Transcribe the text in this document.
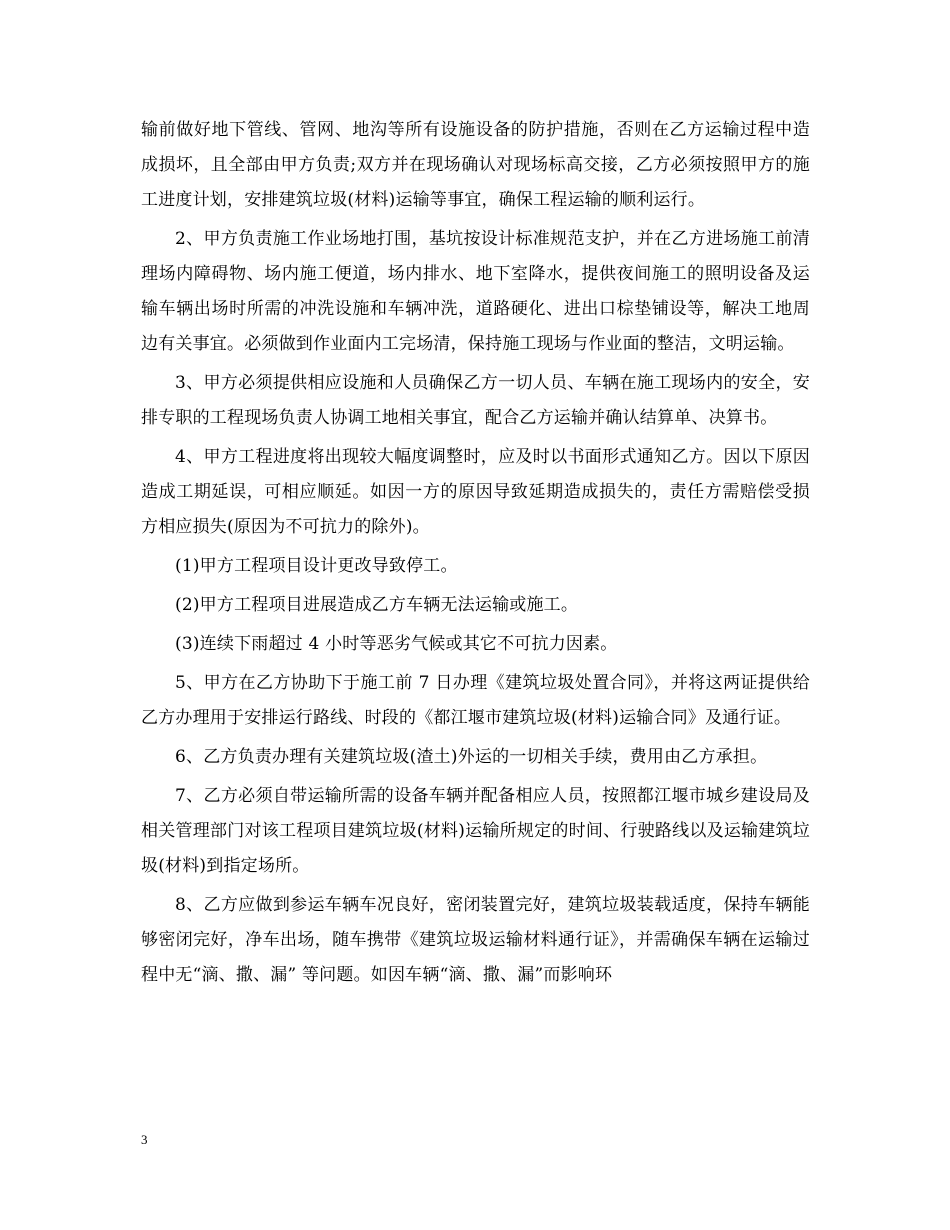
输前做好地下管线、管网、地沟等所有设施设备的防护措施，否则在乙方运输过程中造成损坏，且全部由甲方负责;双方并在现场确认对现场标高交接，乙方必须按照甲方的施工进度计划，安排建筑垃圾(材料)运输等事宜，确保工程运输的顺利运行。

2、甲方负责施工作业场地打围，基坑按设计标准规范支护，并在乙方进场施工前清理场内障碍物、场内施工便道，场内排水、地下室降水，提供夜间施工的照明设备及运输车辆出场时所需的冲洗设施和车辆冲洗，道路硬化、进出口棕垫铺设等，解决工地周边有关事宜。必须做到作业面内工完场清，保持施工现场与作业面的整洁，文明运输。

3、甲方必须提供相应设施和人员确保乙方一切人员、车辆在施工现场内的安全，安排专职的工程现场负责人协调工地相关事宜，配合乙方运输并确认结算单、决算书。

4、甲方工程进度将出现较大幅度调整时，应及时以书面形式通知乙方。因以下原因造成工期延误，可相应顺延。如因一方的原因导致延期造成损失的，责任方需赔偿受损方相应损失(原因为不可抗力的除外)。

(1)甲方工程项目设计更改导致停工。

(2)甲方工程项目进展造成乙方车辆无法运输或施工。

(3)连续下雨超过 4 小时等恶劣气候或其它不可抗力因素。

5、甲方在乙方协助下于施工前 7 日办理《建筑垃圾处置合同》，并将这两证提供给乙方办理用于安排运行路线、时段的《都江堰市建筑垃圾(材料)运输合同》及通行证。

6、乙方负责办理有关建筑垃圾(渣土)外运的一切相关手续，费用由乙方承担。

7、乙方必须自带运输所需的设备车辆并配备相应人员，按照都江堰市城乡建设局及相关管理部门对该工程项目建筑垃圾(材料)运输所规定的时间、行驶路线以及运输建筑垃圾(材料)到指定场所。

8、乙方应做到参运车辆车况良好，密闭装置完好，建筑垃圾装载适度，保持车辆能够密闭完好，净车出场，随车携带《建筑垃圾运输材料通行证》，并需确保车辆在运输过程中无“滴、撒、漏” 等问题。如因车辆“滴、撒、漏”而影响环

3
